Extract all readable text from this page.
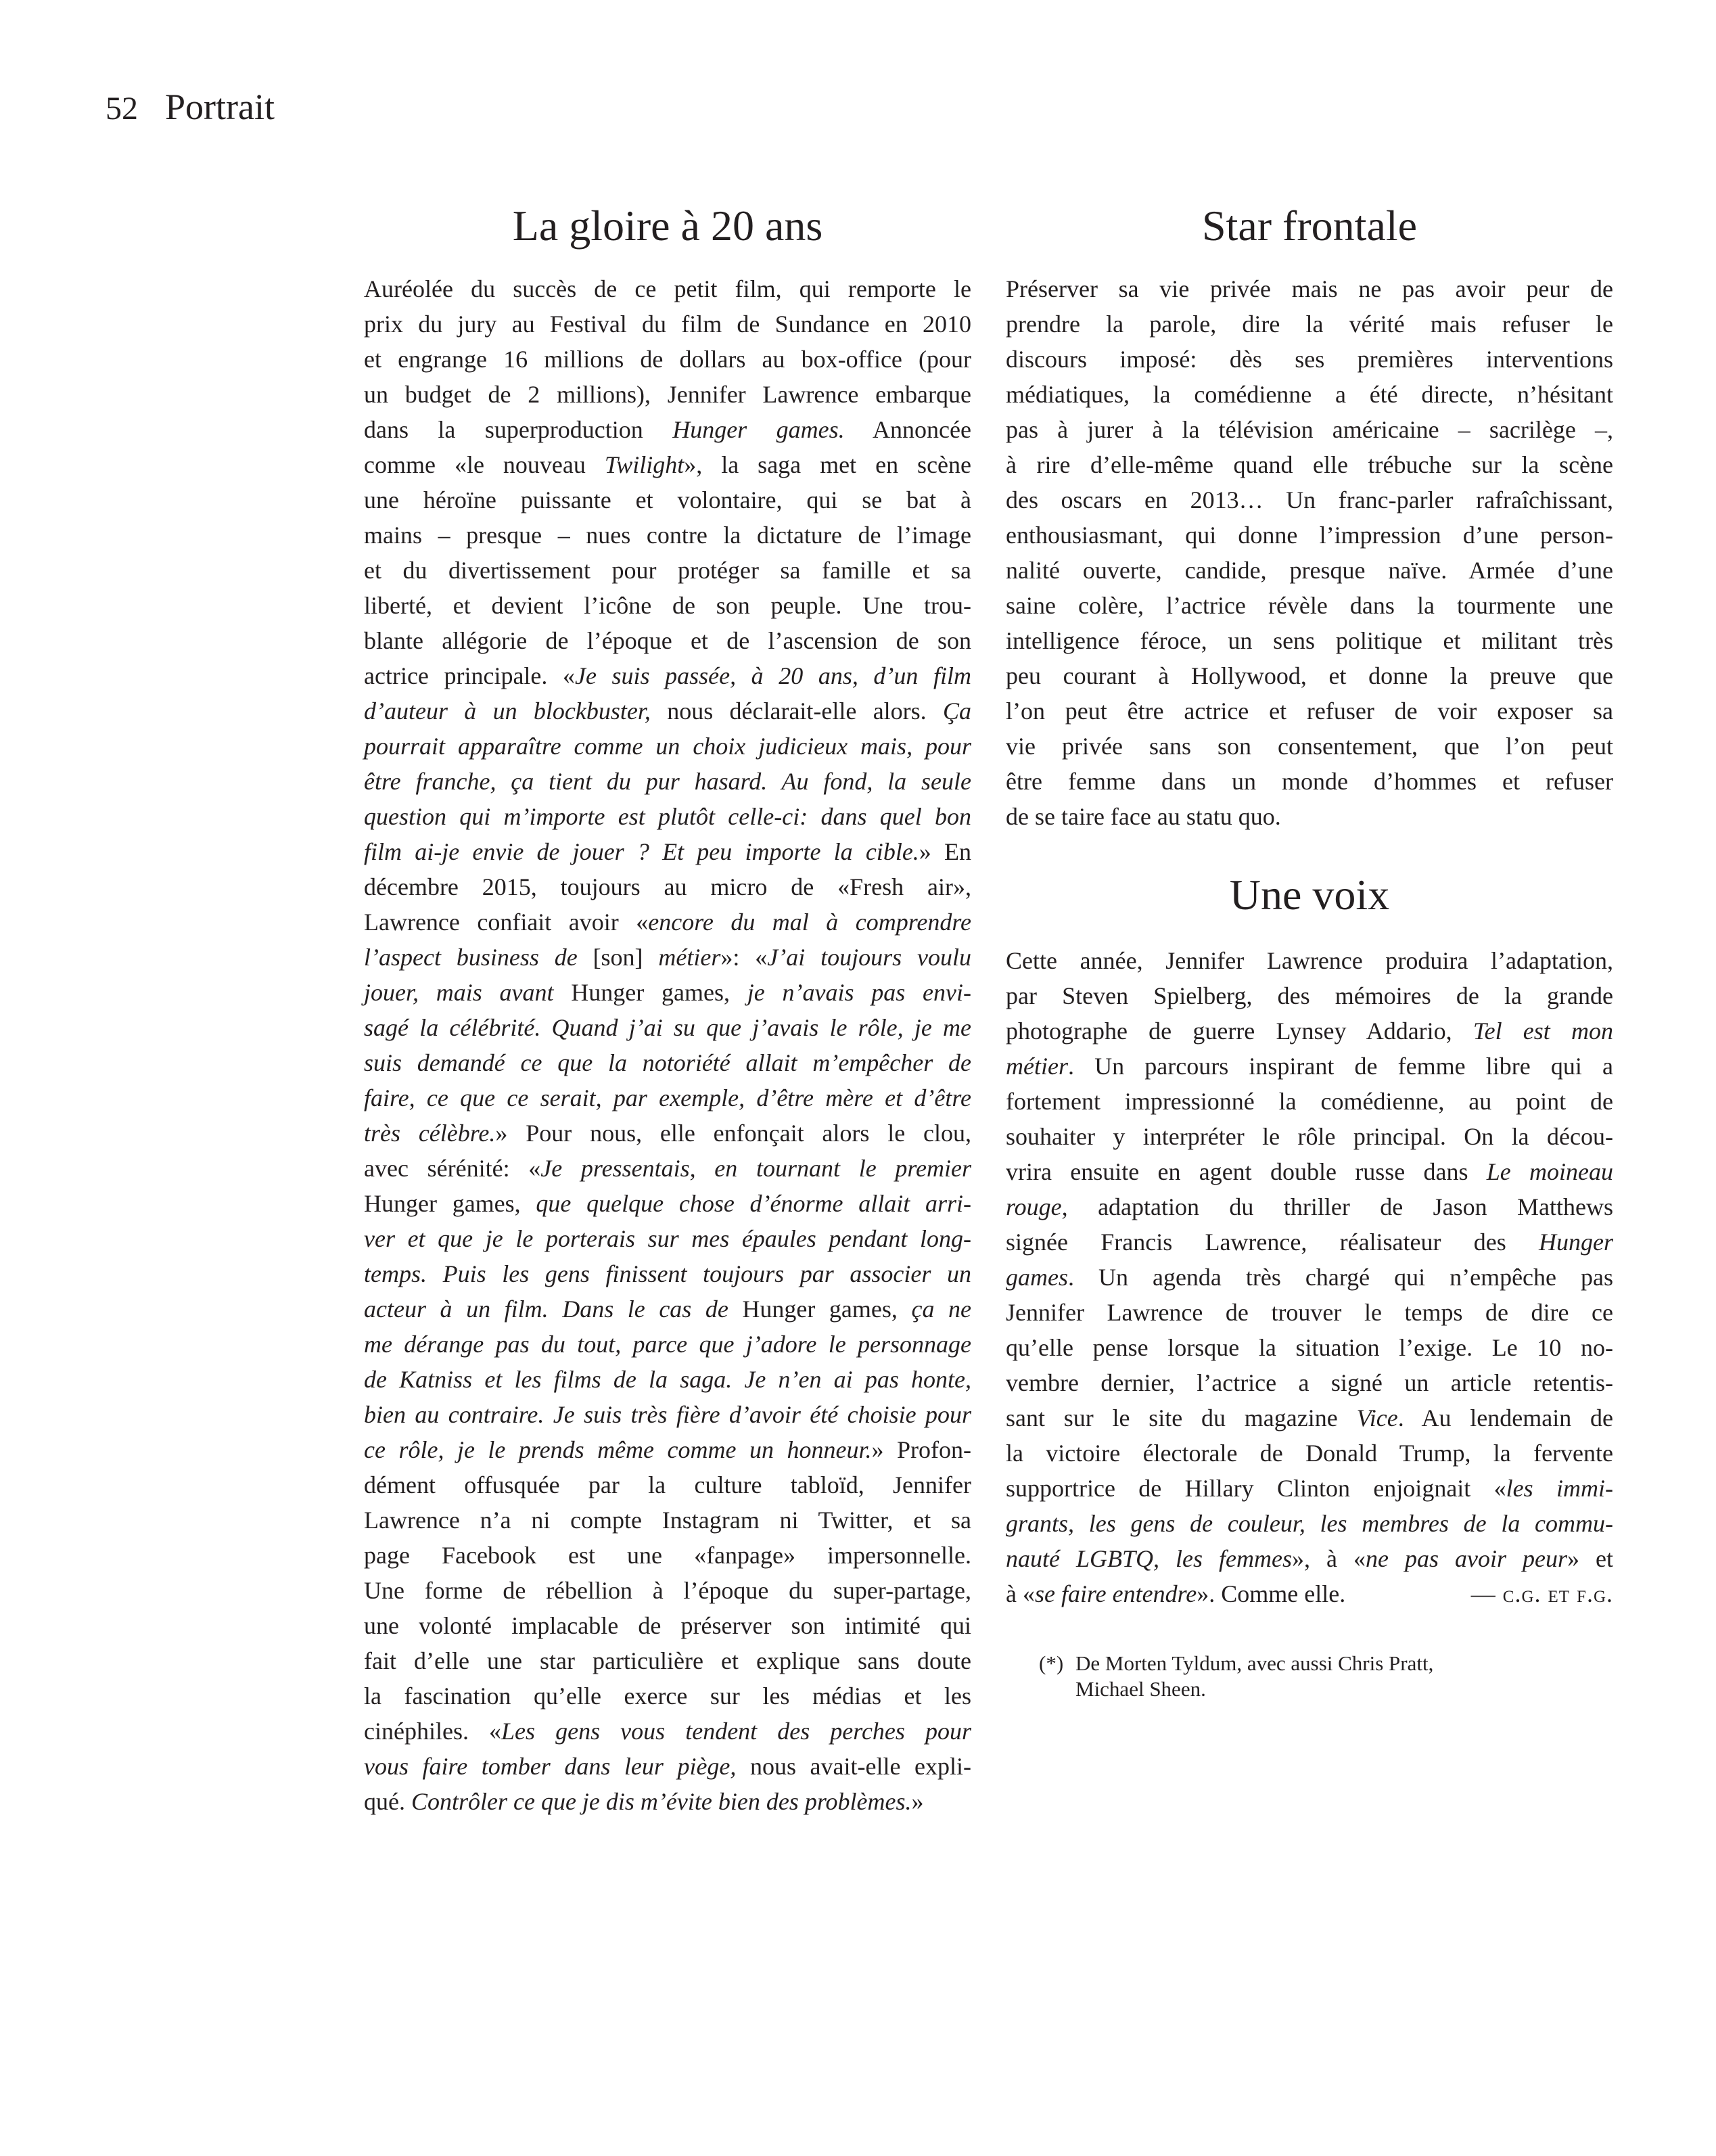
52 Portrait
La gloire à 20 ans
Auréolée du succès de ce petit film, qui remporte le
prix du jury au Festival du film de Sundance en 2010
et engrange 16 millions de dollars au box-office (pour
un budget de 2 millions), Jennifer Lawrence embarque
dans la superproduction Hunger games. Annoncée
comme «le nouveau Twilight», la saga met en scène
une héroïne puissante et volontaire, qui se bat à
mains – presque – nues contre la dictature de l’image
et du divertissement pour protéger sa famille et sa
liberté, et devient l’icône de son peuple. Une trou-
blante allégorie de l’époque et de l’ascension de son
actrice principale. «Je suis passée, à 20 ans, d’un film
d’auteur à un blockbuster, nous déclarait-elle alors. Ça
pourrait apparaître comme un choix judicieux mais, pour
être franche, ça tient du pur hasard. Au fond, la seule
question qui m’importe est plutôt celle-ci: dans quel bon
film ai-je envie de jouer ? Et peu importe la cible.» En
décembre 2015, toujours au micro de «Fresh air»,
Lawrence confiait avoir «encore du mal à comprendre
l’aspect business de [son] métier»: «J’ai toujours voulu
jouer, mais avant Hunger games, je n’avais pas envi-
sagé la célébrité. Quand j’ai su que j’avais le rôle, je me
suis demandé ce que la notoriété allait m’empêcher de
faire, ce que ce serait, par exemple, d’être mère et d’être
très célèbre.» Pour nous, elle enfonçait alors le clou,
avec sérénité: «Je pressentais, en tournant le premier
Hunger games, que quelque chose d’énorme allait arri-
ver et que je le porterais sur mes épaules pendant long-
temps. Puis les gens finissent toujours par associer un
acteur à un film. Dans le cas de Hunger games, ça ne
me dérange pas du tout, parce que j’adore le personnage
de Katniss et les films de la saga. Je n’en ai pas honte,
bien au contraire. Je suis très fière d’avoir été choisie pour
ce rôle, je le prends même comme un honneur.» Profon-
dément offusquée par la culture tabloïd, Jennifer
Lawrence n’a ni compte Instagram ni Twitter, et sa
page Facebook est une «fanpage» impersonnelle.
Une forme de rébellion à l’époque du super-partage,
une volonté implacable de préserver son intimité qui
fait d’elle une star particulière et explique sans doute
la fascination qu’elle exerce sur les médias et les
cinéphiles. «Les gens vous tendent des perches pour
vous faire tomber dans leur piège, nous avait-elle expli-
qué. Contrôler ce que je dis m’évite bien des problèmes.»
Star frontale
Préserver sa vie privée mais ne pas avoir peur de
prendre la parole, dire la vérité mais refuser le
discours imposé: dès ses premières interventions
médiatiques, la comédienne a été directe, n’hésitant
pas à jurer à la télévision américaine – sacrilège –,
à rire d’elle-même quand elle trébuche sur la scène
des oscars en 2013… Un franc-parler rafraîchissant,
enthousiasmant, qui donne l’impression d’une person-
nalité ouverte, candide, presque naïve. Armée d’une
saine colère, l’actrice révèle dans la tourmente une
intelligence féroce, un sens politique et militant très
peu courant à Hollywood, et donne la preuve que
l’on peut être actrice et refuser de voir exposer sa
vie privée sans son consentement, que l’on peut
être femme dans un monde d’hommes et refuser
de se taire face au statu quo.
Une voix
Cette année, Jennifer Lawrence produira l’adaptation,
par Steven Spielberg, des mémoires de la grande
photographe de guerre Lynsey Addario, Tel est mon
métier. Un parcours inspirant de femme libre qui a
fortement impressionné la comédienne, au point de
souhaiter y interpréter le rôle principal. On la décou-
vrira ensuite en agent double russe dans Le moineau
rouge, adaptation du thriller de Jason Matthews
signée Francis Lawrence, réalisateur des Hunger
games. Un agenda très chargé qui n’empêche pas
Jennifer Lawrence de trouver le temps de dire ce
qu’elle pense lorsque la situation l’exige. Le 10 no-
vembre dernier, l’actrice a signé un article retentis-
sant sur le site du magazine Vice. Au lendemain de
la victoire électorale de Donald Trump, la fervente
supportrice de Hillary Clinton enjoignait «les immi-
grants, les gens de couleur, les membres de la commu-
nauté LGBTQ, les femmes», à «ne pas avoir peur» et
à «se faire entendre». Comme elle.	— c.g. et f.g.
(*) De Morten Tyldum, avec aussi Chris Pratt,
Michael Sheen.
